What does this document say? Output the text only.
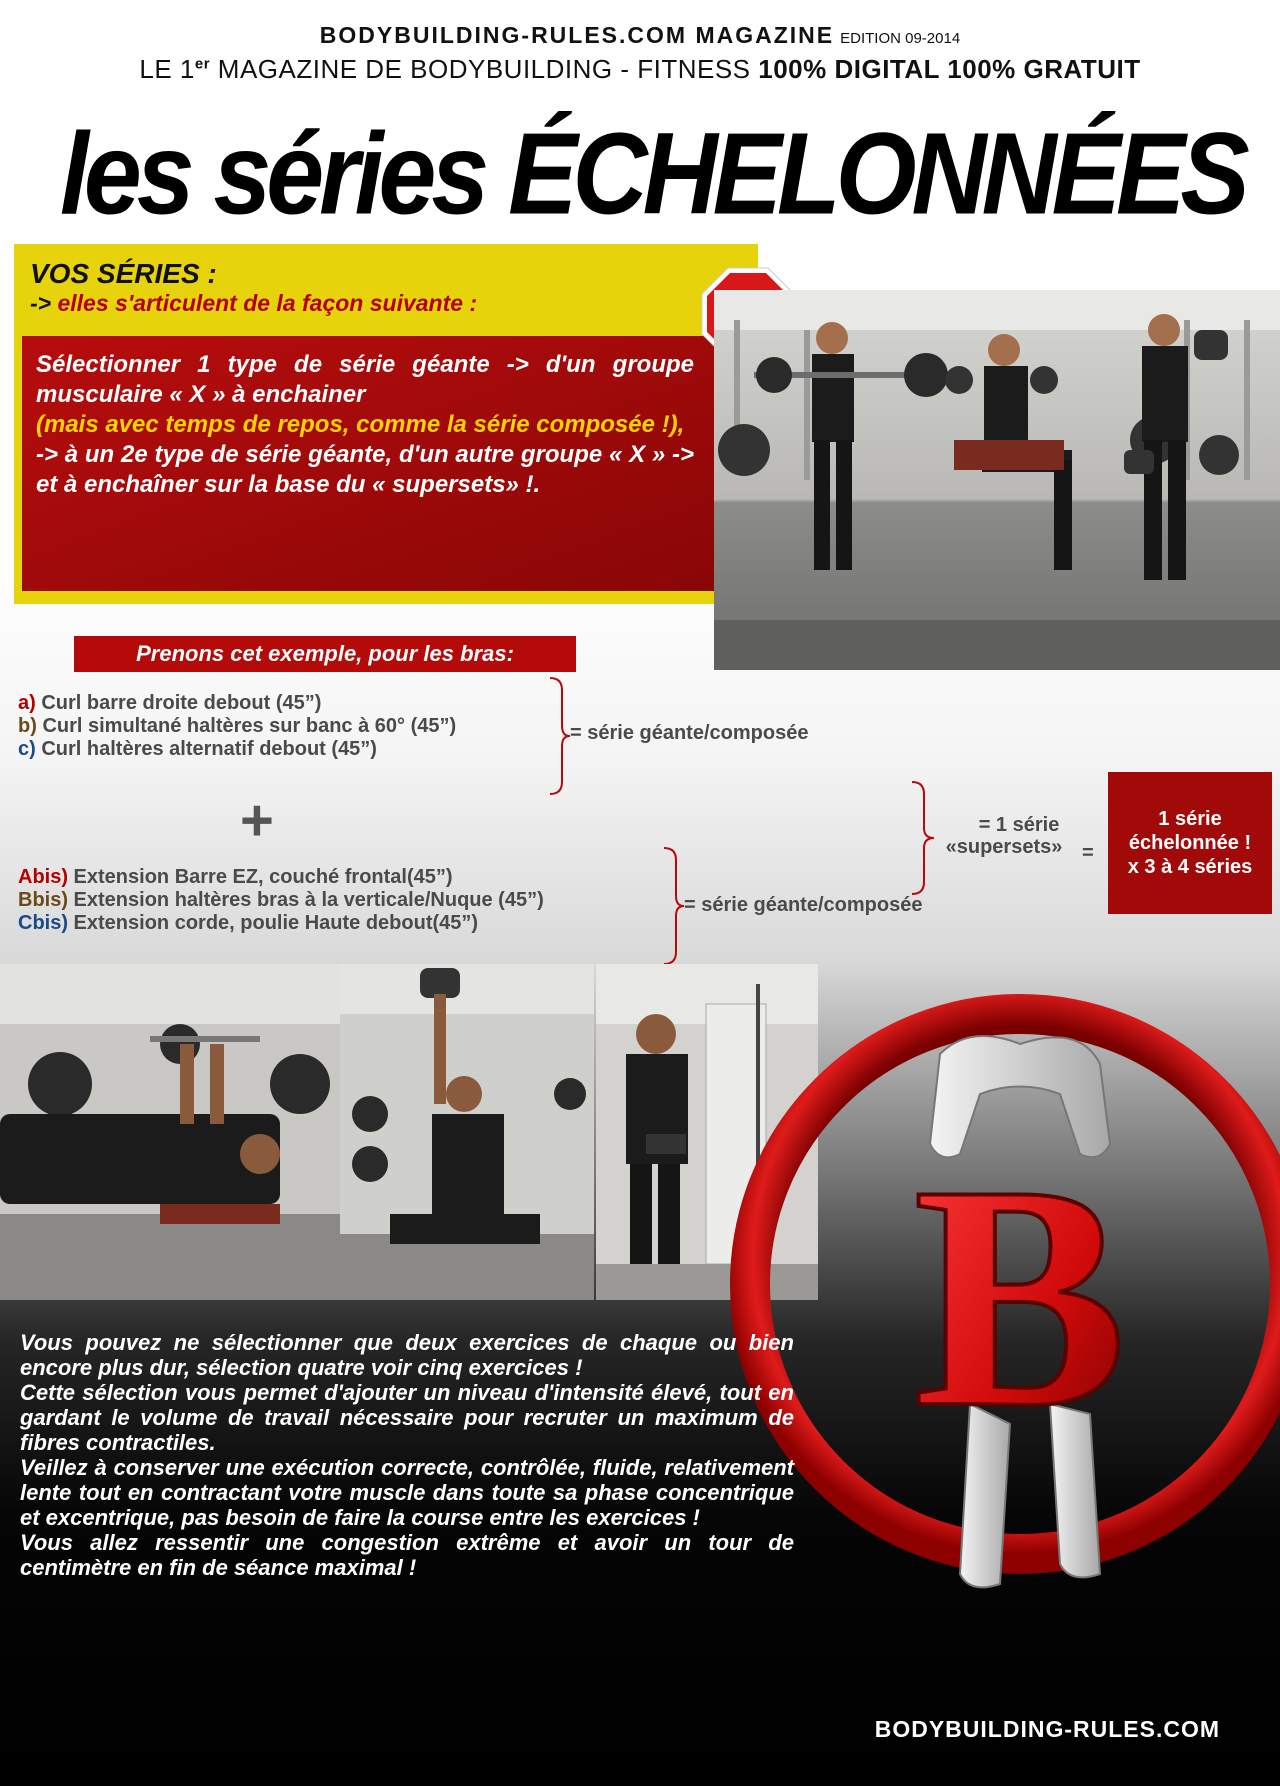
BODYBUILDING-RULES.COM MAGAZINE EDITION 09-2014
LE 1er MAGAZINE DE BODYBUILDING - FITNESS 100% DIGITAL 100% GRATUIT
les séries ÉCHELONNÉES
VOS SÉRIES :
-> elles s'articulent de la façon suivante :
Sélectionner 1 type de série géante -> d'un groupe musculaire « X » à enchainer
(mais avec temps de repos, comme la série composée !),
-> à un 2e type de série géante, d'un autre groupe « X » -> et à enchaîner sur la base du « supersets» !.
Prenons cet exemple, pour les bras:
a) Curl barre droite debout (45”)
b) Curl simultané haltères sur banc à 60° (45”)
c) Curl haltères alternatif debout (45”)
= série géante/composée
+	= 1 série
«supersets» =
1 série
échelonnée !
x 3 à 4 séries
Abis) Extension Barre EZ, couché frontal(45”)
Bbis) Extension haltères bras à la verticale/Nuque (45”)
Cbis) Extension corde, poulie Haute debout(45”)
= série géante/composée
B
Vous pouvez ne sélectionner que deux exercices de chaque ou bien encore plus dur, sélection quatre voir cinq exercices !
Cette sélection vous permet d'ajouter un niveau d'intensité élevé, tout en gardant le volume de travail nécessaire pour recruter un maximum de fibres contractiles.
Veillez à conserver une exécution correcte, contrôlée, fluide, relativement lente tout en contractant votre muscle dans toute sa phase concentrique et excentrique, pas besoin de faire la course entre les exercices !
Vous allez ressentir une congestion extrême et avoir un tour de centimètre en fin de séance maximal !
BODYBUILDING-RULES.COM
